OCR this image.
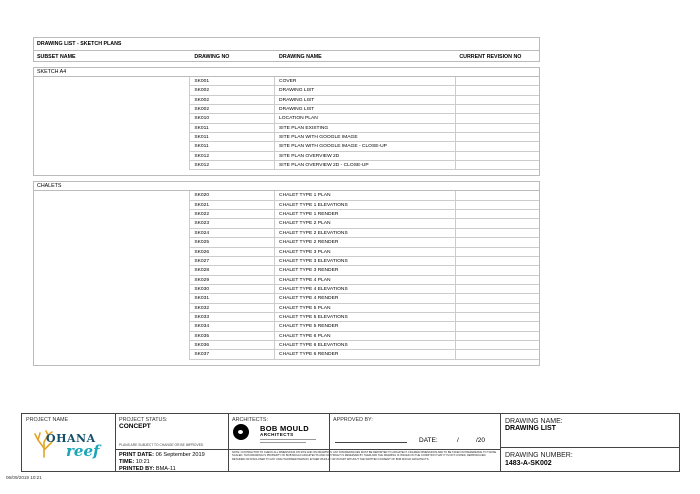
DRAWING LIST - SKETCH PLANS
SUBSET NAME	DRAWING NO	DRAWING NAME	CURRENT REVISION NO
SKETCH A4
SK001	COVER
SK002	DRAWING LIST
SK002	DRAWING LIST
SK002	DRAWING LIST
SK010	LOCATION PLAN
SK011	SITE PLAN EXISTING
SK011	SITE PLAN WITH GOOGLE IMAGE
SK011	SITE PLAN WITH GOOGLE IMAGE - CLOSE-UP
SK012	SITE PLAN OVERVIEW 2D
SK012	SITE PLAN OVERVIEW 2D - CLOSE-UP
CHALETS
SK020	CHALET TYPE 1 PLAN
SK021	CHALET TYPE 1 ELEVATIONS
SK022	CHALET TYPE 1 RENDER
SK023	CHALET TYPE 2 PLAN
SK024	CHALET TYPE 2 ELEVATIONS
SK025	CHALET TYPE 2 RENDER
SK026	CHALET TYPE 3 PLAN
SK027	CHALET TYPE 3 ELEVATIONS
SK028	CHALET TYPE 3 RENDER
SK029	CHALET TYPE 4 PLAN
SK030	CHALET TYPE 4 ELEVATIONS
SK031	CHALET TYPE 4 RENDER
SK032	CHALET TYPE 5 PLAN
SK033	CHALET TYPE 5 ELEVATIONS
SK034	CHALET TYPE 5 RENDER
SK035	CHALET TYPE 6 PLAN
SK036	CHALET TYPE 6 ELEVATIONS
SK037	CHALET TYPE 6 RENDER
PROJECT NAME
OHANA
reef
PROJECT STATUS:
CONCEPT
PLANS ARE SUBJECT TO CHANGE OR BE IMPROVED
PRINT DATE: 06 September 2019
TIME: 10:21
PRINTED BY: BMA-11
ARCHITECTS:
BOB MOULD
ARCHITECTS
APPROVED BY:
DATE:	/	/20
NOTE: CONTRACTOR TO CHECK ALL DIMENSIONS ON SITE AND ON DRAWINGS. ANY DISCREPANCIES MUST BE REPORTED TO ARCHITECT. FIGURED DIMENSIONS ARE TO BE TAKEN IN PREFERENCE TO THOSE SCALED. THIS DRAWING IS PROPERTY OF BOB MOULD ARCHITECTS AND COPYRIGHT IS RESERVED BY THEM AND THE DRAWING IS ISSUED ON THE CONDITION THAT IT IS NOT COPIED, REPRODUCED, RETAINED OR DISCLOSED TO ANY UNAUTHORISED PERSON, EITHER WHOLLY OR IN PART WITHOUT THE WRITTEN CONSENT OF BOB MOULD ARCHITECTS.
DRAWING NAME:
DRAWING LIST
DRAWING NUMBER:
1483-A-SK002
06/09/2019 10:21
